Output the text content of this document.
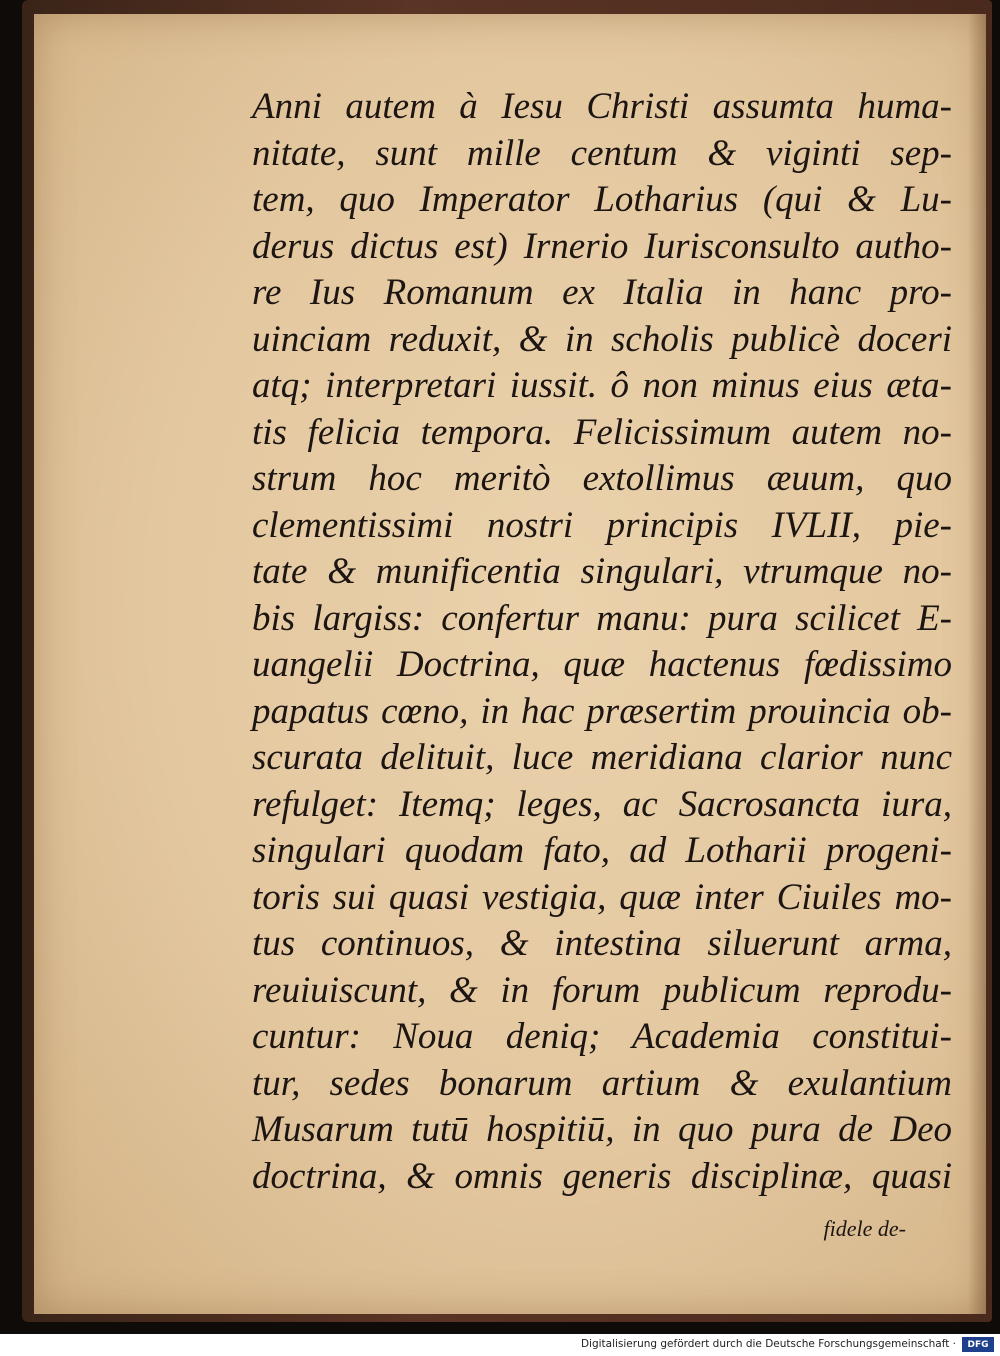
Anni autem à Iesu Christi assumta huma-
nitate, sunt mille centum & viginti sep-
tem, quo Imperator Lotharius (qui & Lu-
derus dictus est) Irnerio Iurisconsulto autho-
re Ius Romanum ex Italia in hanc pro-
uinciam reduxit, & in scholis publicè doceri
atq; interpretari iussit. ô non minus eius æta-
tis felicia tempora. Felicissimum autem no-
strum hoc meritò extollimus æuum, quo
clementissimi nostri principis IVLII, pie-
tate & munificentia singulari, vtrumque no-
bis largiss: confertur manu: pura scilicet E-
uangelii Doctrina, quæ hactenus fœdissimo
papatus cœno, in hac præsertim prouincia ob-
scurata delituit, luce meridiana clarior nunc
refulget: Itemq; leges, ac Sacrosancta iura,
singulari quodam fato, ad Lotharii progeni-
toris sui quasi vestigia, quæ inter Ciuiles mo-
tus continuos, & intestina siluerunt arma,
reuiuiscunt, & in forum publicum reprodu-
cuntur: Noua deniq; Academia constitui-
tur, sedes bonarum artium & exulantium
Musarum tutū hospitiū, in quo pura de Deo
doctrina, & omnis generis disciplinæ, quasi
fidele de-
Digitalisierung gefördert durch die Deutsche Forschungsgemeinschaft ·	DFG
